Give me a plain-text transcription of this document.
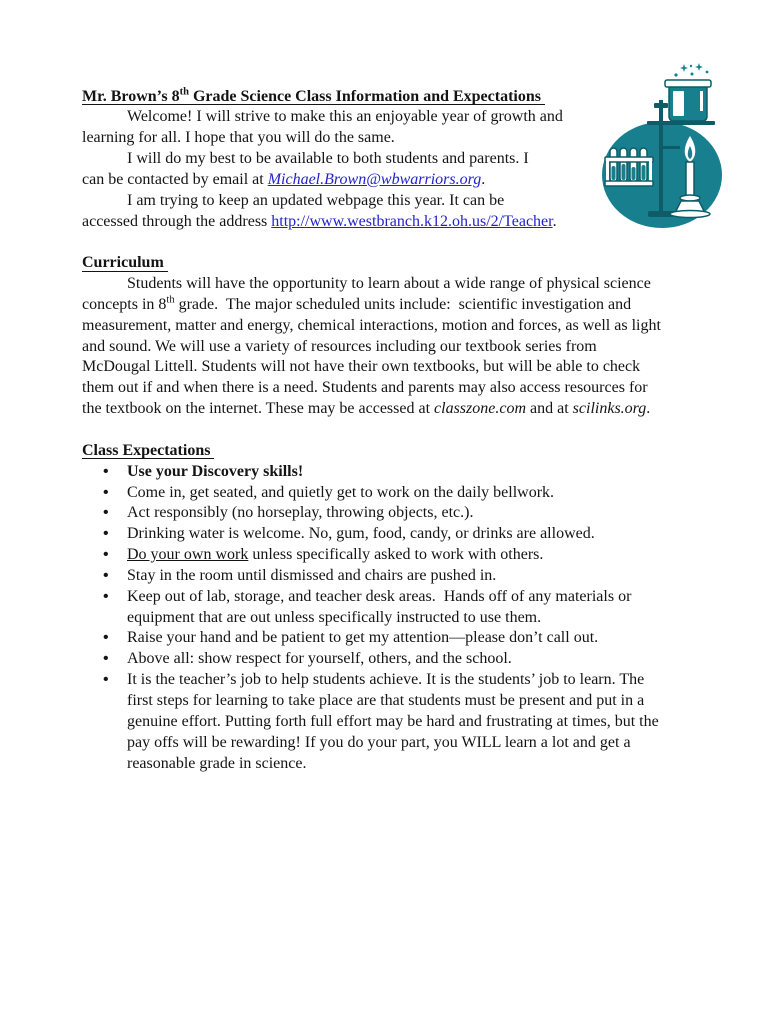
Mr. Brown’s 8th Grade Science Class Information and Expectations
Welcome! I will strive to make this an enjoyable year of growth and
learning for all. I hope that you will do the same.
I will do my best to be available to both students and parents. I
can be contacted by email at Michael.Brown@wbwarriors.org.
I am trying to keep an updated webpage this year. It can be
accessed through the address http://www.westbranch.k12.oh.us/2/Teacher.
Curriculum
Students will have the opportunity to learn about a wide range of physical science
concepts in 8th grade.  The major scheduled units include:  scientific investigation and
measurement, matter and energy, chemical interactions, motion and forces, as well as light
and sound. We will use a variety of resources including our textbook series from
McDougal Littell. Students will not have their own textbooks, but will be able to check
them out if and when there is a need. Students and parents may also access resources for
the textbook on the internet. These may be accessed at classzone.com and at scilinks.org.
Class Expectations
• Use your Discovery skills!
• Come in, get seated, and quietly get to work on the daily bellwork.
• Act responsibly (no horseplay, throwing objects, etc.).
• Drinking water is welcome. No, gum, food, candy, or drinks are allowed.
• Do your own work unless specifically asked to work with others.
• Stay in the room until dismissed and chairs are pushed in.
• Keep out of lab, storage, and teacher desk areas.  Hands off of any materials or
equipment that are out unless specifically instructed to use them.
• Raise your hand and be patient to get my attention—please don’t call out.
• Above all: show respect for yourself, others, and the school.
• It is the teacher’s job to help students achieve. It is the students’ job to learn. The
first steps for learning to take place are that students must be present and put in a
genuine effort. Putting forth full effort may be hard and frustrating at times, but the
pay offs will be rewarding! If you do your part, you WILL learn a lot and get a
reasonable grade in science.
